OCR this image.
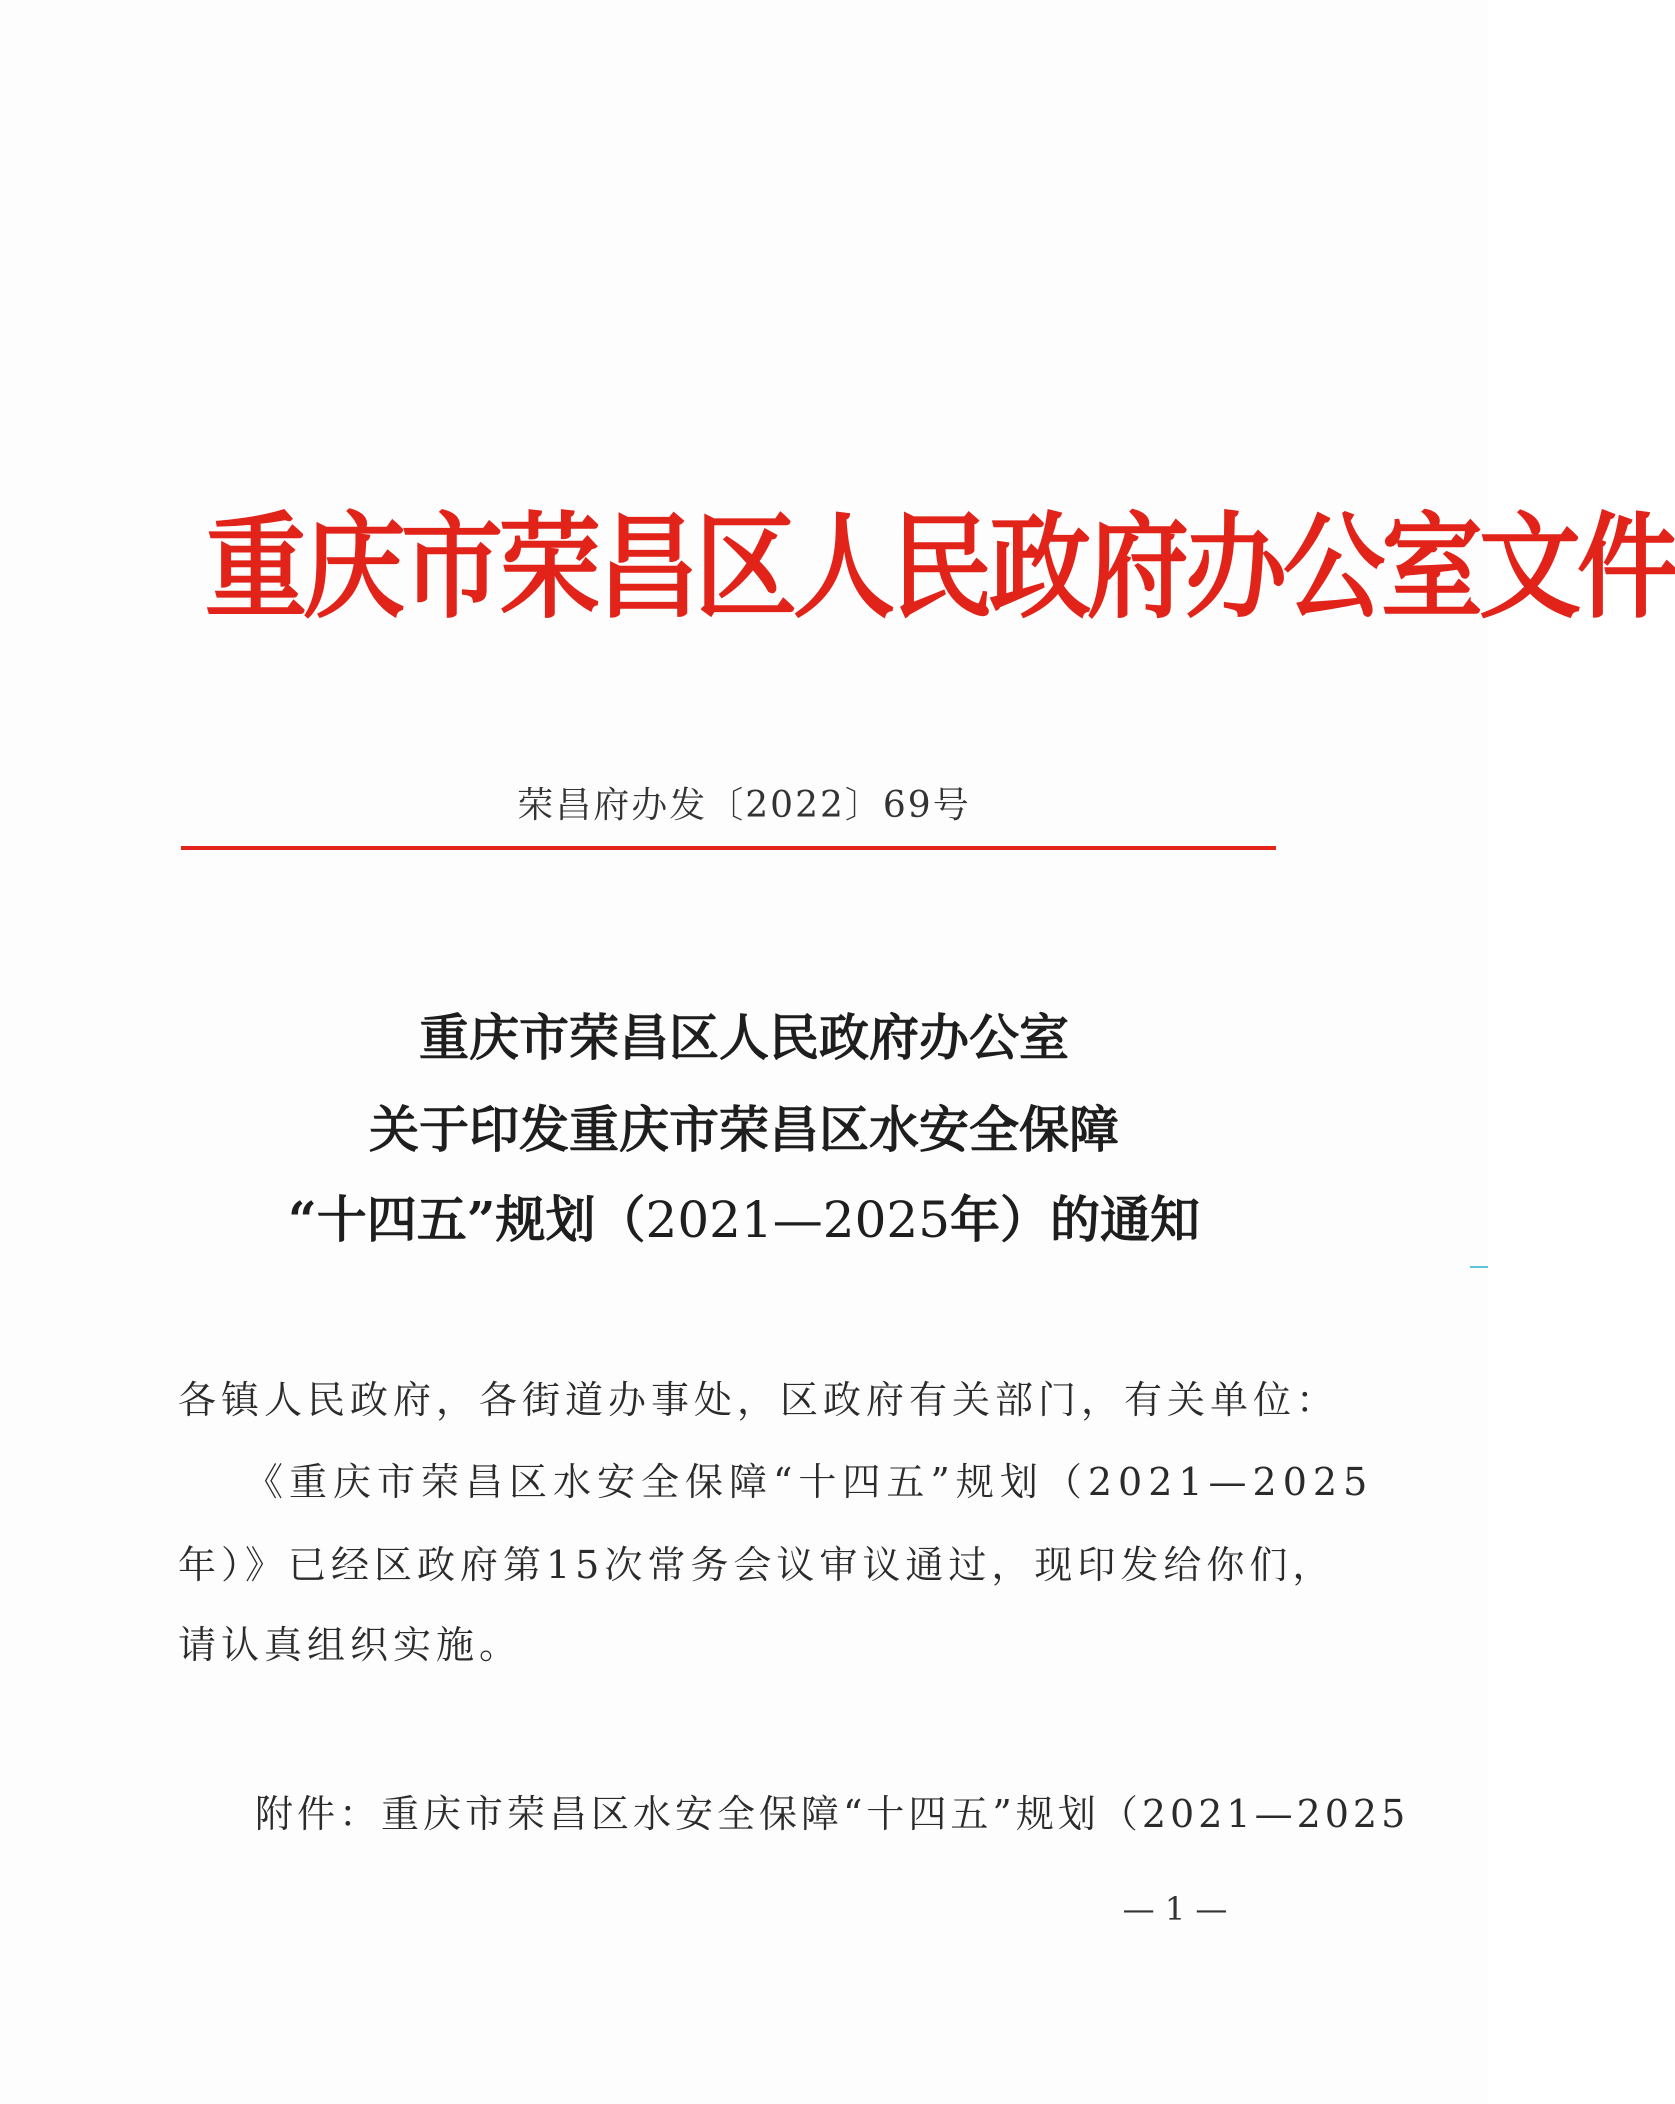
重庆市荣昌区人民政府办公室文件
荣昌府办发〔2022〕69号
重庆市荣昌区人民政府办公室
关于印发重庆市荣昌区水安全保障
“十四五”规划（2021—2025年）的通知
各镇人民政府，各街道办事处，区政府有关部门，有关单位：
《重庆市荣昌区水安全保障“十四五”规划（2021—2025
年）》已经区政府第15次常务会议审议通过，现印发给你们，
请认真组织实施。
附件：重庆市荣昌区水安全保障“十四五”规划（2021—2025
— 1 —
